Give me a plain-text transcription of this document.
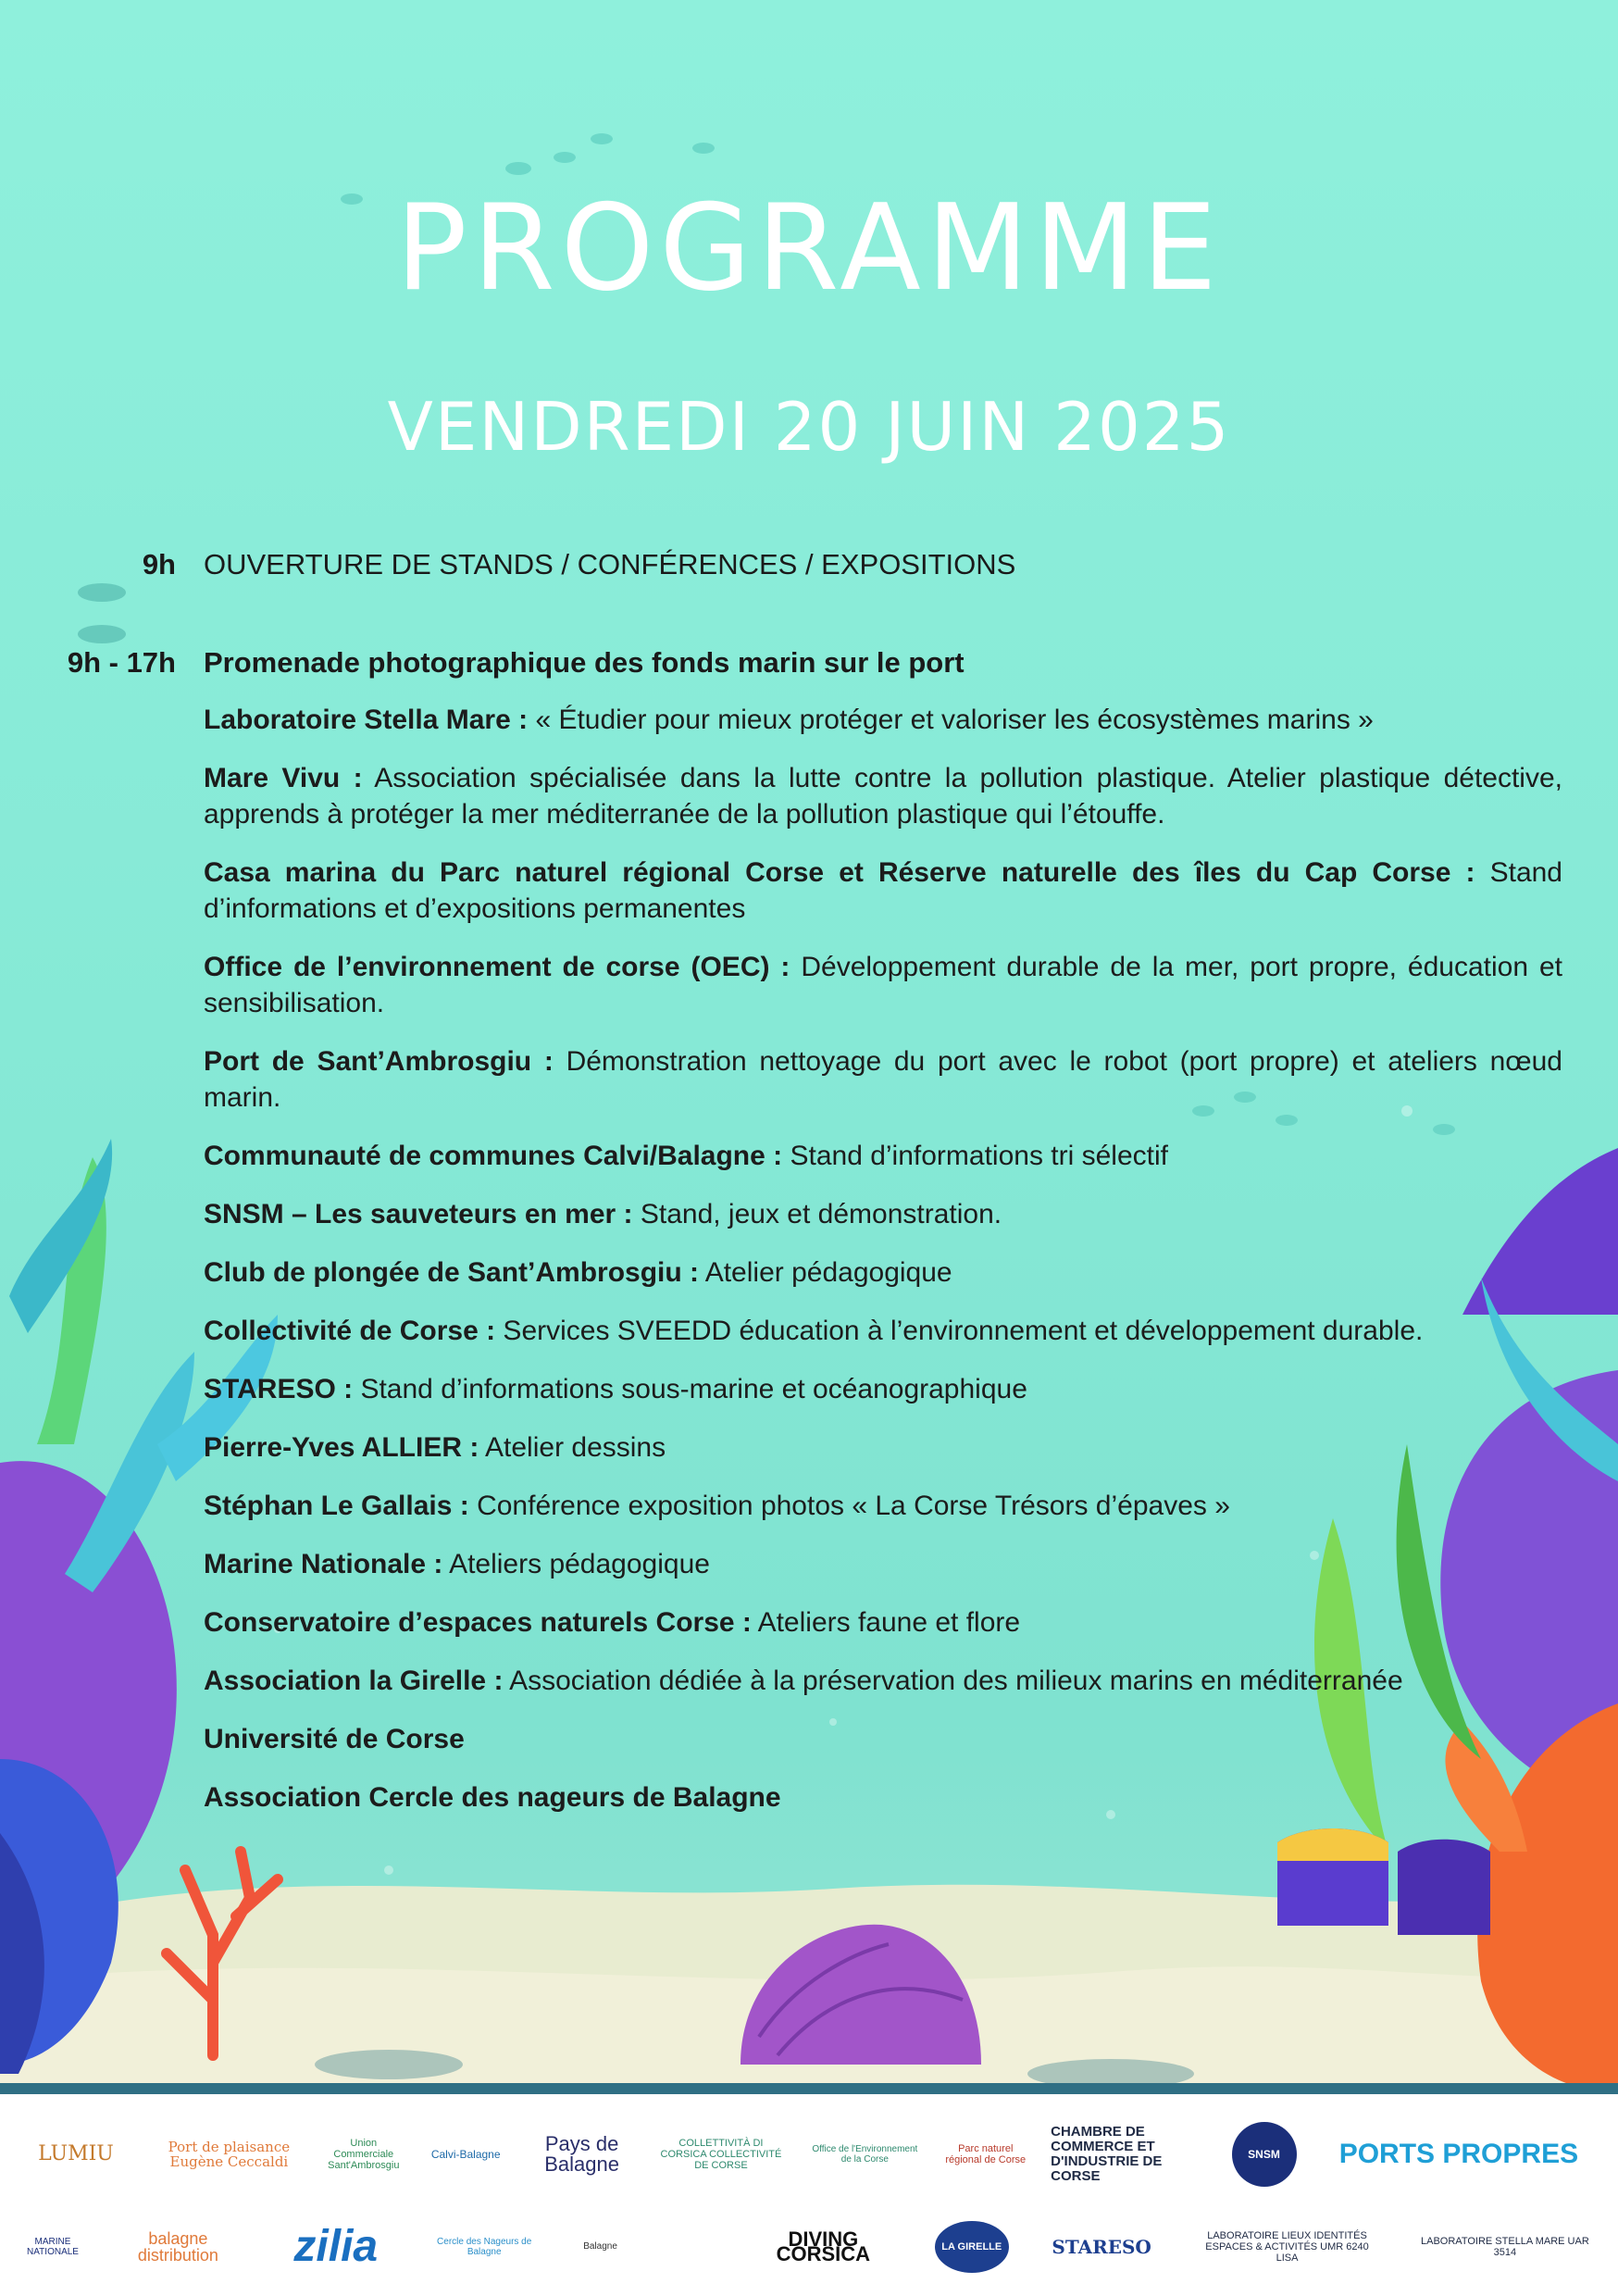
PROGRAMME
VENDREDI 20 JUIN 2025
9h OUVERTURE DE STANDS / CONFÉRENCES / EXPOSITIONS
9h - 17h Promenade photographique des fonds marin sur le port

Laboratoire Stella Mare : « Étudier pour mieux protéger et valoriser les écosystèmes marins »

Mare Vivu : Association spécialisée dans la lutte contre la pollution plastique. Atelier plastique détective, apprends à protéger la mer méditerranée de la pollution plastique qui l’étouffe.

Casa marina du Parc naturel régional Corse et Réserve naturelle des îles du Cap Corse : Stand d’informations et d’expositions permanentes

Office de l’environnement de corse (OEC) : Développement durable de la mer, port propre, éducation et sensibilisation.

Port de Sant’Ambrosgiu : Démonstration nettoyage du port avec le robot (port propre) et ateliers nœud marin.

Communauté de communes Calvi/Balagne : Stand d’informations tri sélectif

SNSM – Les sauveteurs en mer : Stand, jeux et démonstration.

Club de plongée de Sant’Ambrosgiu : Atelier pédagogique

Collectivité de Corse : Services SVEEDD éducation à l’environnement et développement durable.

STARESO : Stand d’informations sous-marine et océanographique

Pierre-Yves ALLIER : Atelier dessins

Stéphan Le Gallais : Conférence exposition photos « La Corse Trésors d’épaves »

Marine Nationale : Ateliers pédagogique

Conservatoire d’espaces naturels Corse : Ateliers faune et flore

Association la Girelle : Association dédiée à la préservation des milieux marins en méditerranée

Université de Corse

Association Cercle des nageurs de Balagne

LUMIU	Port de plaisance Eugène Ceccaldi
Union Commerciale Sant'Ambrosgiu
Calvi-Balagne	Pays de Balagne
COLLETTIVITÀ DI CORSICA COLLECTIVITÉ DE CORSE
Office de l'Environnement de la Corse
Parc naturel régional de Corse
CHAMBRE DE COMMERCE ET D'INDUSTRIE DE CORSE
SNSM	PORTS PROPRES
MARINE NATIONALE
balagne distribution	zilia	Cercle des Nageurs de Balagne
Balagne	DIVING CORSICA	LA GIRELLE	STARESO	LABORATOIRE LIEUX IDENTITÉS ESPACES & ACTIVITÉS UMR 6240 LISA
LABORATOIRE STELLA MARE UAR 3514
